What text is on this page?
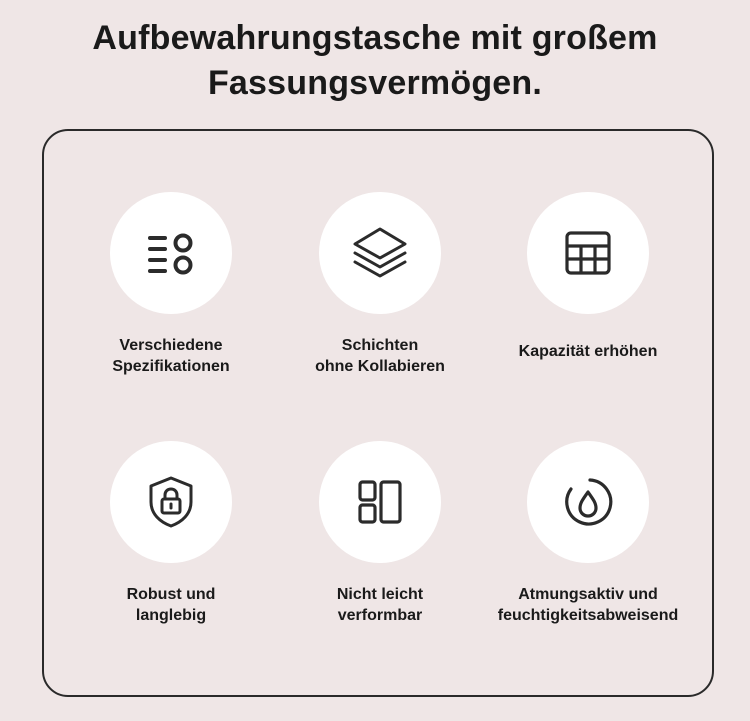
Aufbewahrungstasche mit großem
Fassungsvermögen.
Verschiedene
Spezifikationen
Schichten
ohne Kollabieren
Kapazität erhöhen
Robust und
langlebig
Nicht leicht
verformbar
Atmungsaktiv und
feuchtigkeitsabweisend
